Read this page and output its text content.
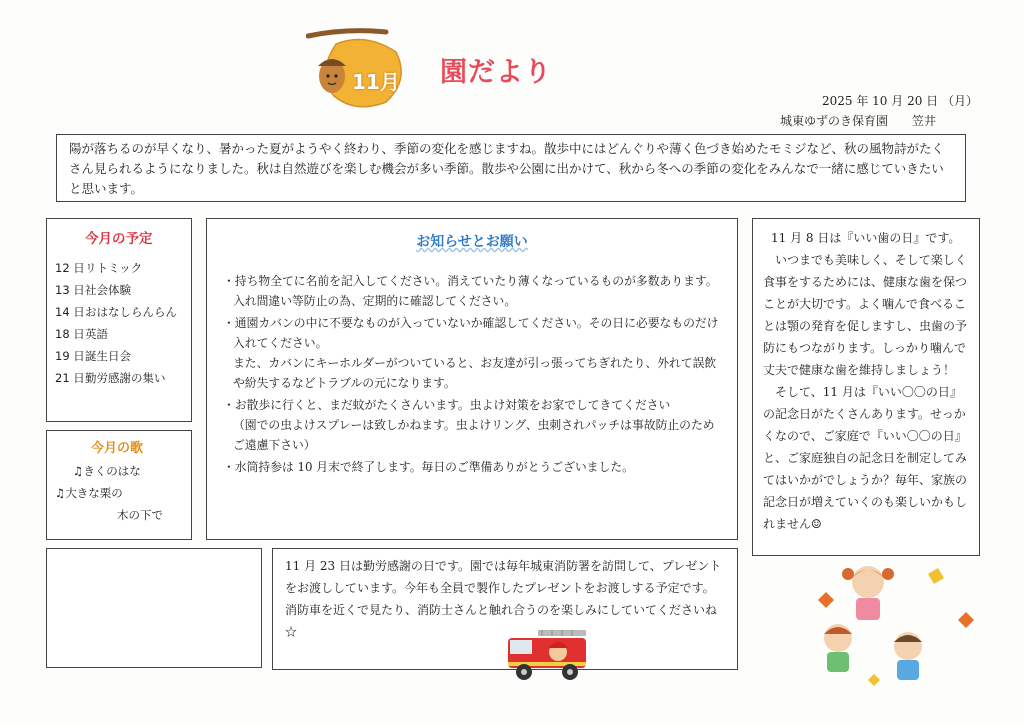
11月 園だより
2025 年 10 月 20 日 （月）
城東ゆずのき保育園　　笠井

陽が落ちるのが早くなり、暑かった夏がようやく終わり、季節の変化を感じますね。散歩中にはどんぐりや薄く色づき始めたモミジなど、秋の風物詩がたくさん見られるようになりました。秋は自然遊びを楽しむ機会が多い季節。散歩や公園に出かけて、秋から冬への季節の変化をみんなで一緒に感じていきたいと思います。

今月の予定
12 日リトミック
13 日社会体験
14 日おはなしらんらん
18 日英語
19 日誕生日会
21 日勤労感謝の集い
今月の歌
♫きくのはな
♫大きな栗の
木の下で
お知らせとお願い
・持ち物全てに名前を記入してください。消えていたり薄くなっているものが多数あります。入れ間違い等防止の為、定期的に確認してください。
・通園カバンの中に不要なものが入っていないか確認してください。その日に必要なものだけ入れてください。
また、カバンにキーホルダーがついていると、お友達が引っ張ってちぎれたり、外れて誤飲や紛失するなどトラブルの元になります。
・お散歩に行くと、まだ蚊がたくさんいます。虫よけ対策をお家でしてきてください
（園での虫よけスプレーは致しかねます。虫よけリング、虫刺されパッチは事故防止のためご遠慮下さい）
・水筒持参は 10 月末で終了します。毎日のご準備ありがとうございました。

11 月 8 日は『いい歯の日』です。

いつまでも美味しく、そして楽しく食事をするためには、健康な歯を保つことが大切です。よく噛んで食べることは顎の発育を促しますし、虫歯の予防にもつながります。しっかり噛んで丈夫で健康な歯を維持しましょう！

そして、11 月は『いい〇〇の日』の記念日がたくさんあります。せっかくなので、ご家庭で『いい〇〇の日』と、ご家庭独自の記念日を制定してみてはいかがでしょうか？毎年、家族の記念日が増えていくのも楽しいかもしれません☺

11 月 23 日は勤労感謝の日です。園では毎年城東消防署を訪問して、プレゼントをお渡ししています。今年も全員で製作したプレゼントをお渡しする予定です。消防車を近くで見たり、消防士さんと触れ合うのを楽しみにしていてくださいね☆
